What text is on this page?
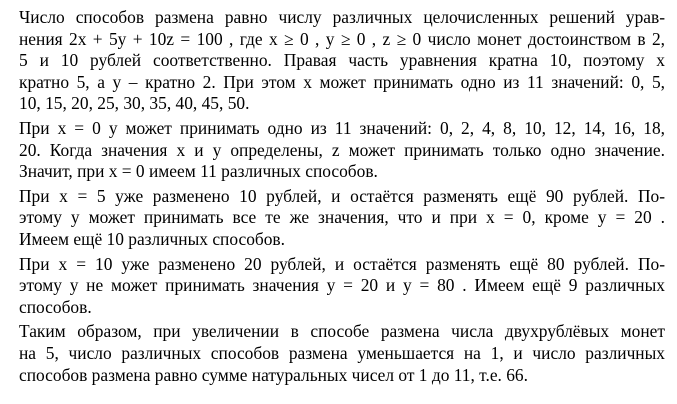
Число способов размена равно числу различных целочисленных решений урав-
нения 2x + 5y + 10z = 100 , где x ≥ 0 , y ≥ 0 , z ≥ 0 число монет достоинством в 2,
5 и 10 рублей соответственно. Правая часть уравнения кратна 10, поэтому x
кратно 5, а y – кратно 2. При этом x может принимать одно из 11 значений: 0, 5,
10, 15, 20, 25, 30, 35, 40, 45, 50.

При x = 0 y может принимать одно из 11 значений: 0, 2, 4, 8, 10, 12, 14, 16, 18,
20. Когда значения x и y определены, z может принимать только одно значение.
Значит, при x = 0 имеем 11 различных способов.

При x = 5 уже разменено 10 рублей, и остаётся разменять ещё 90 рублей. По-
этому y может принимать все те же значения, что и при x = 0, кроме y = 20 .
Имеем ещё 10 различных способов.

При x = 10 уже разменено 20 рублей, и остаётся разменять ещё 80 рублей. По-
этому y не может принимать значения y = 20 и y = 80 . Имеем ещё 9 различных
способов.

Таким образом, при увеличении в способе размена числа двухрублёвых монет
на 5, число различных способов размена уменьшается на 1, и число различных
способов размена равно сумме натуральных чисел от 1 до 11, т.е. 66.
